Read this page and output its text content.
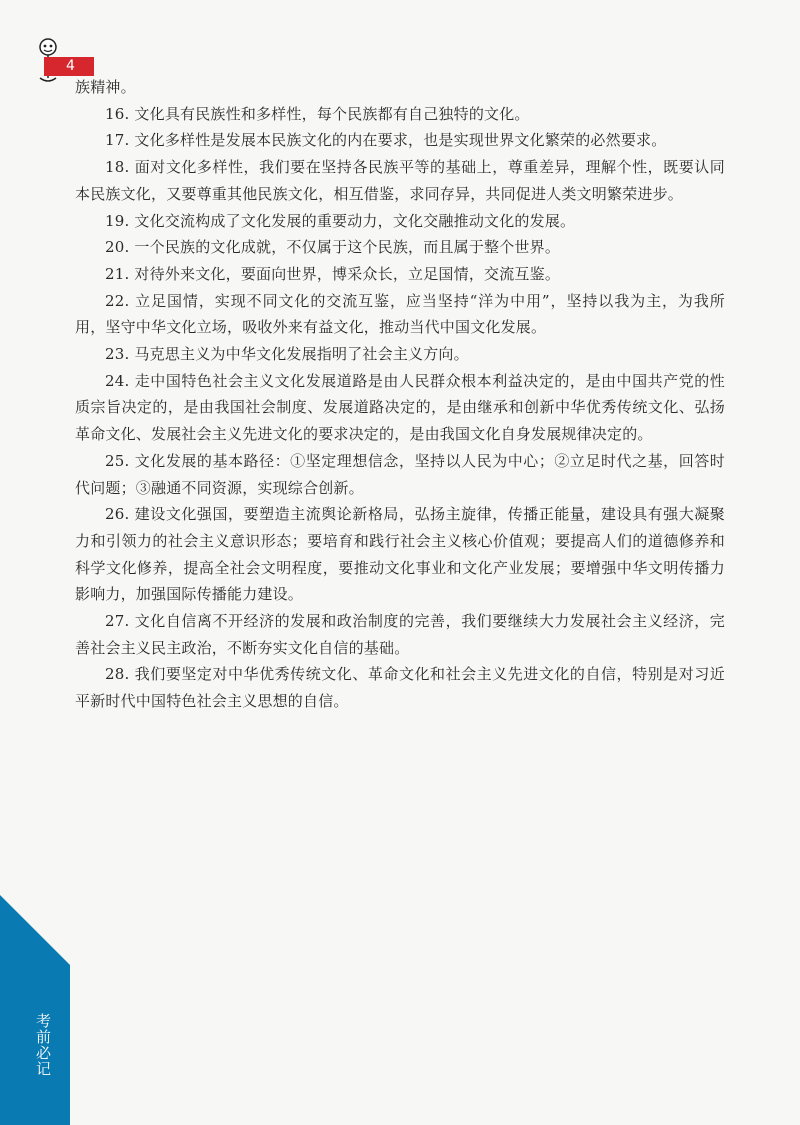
4

族精神。

16. 文化具有民族性和多样性，每个民族都有自己独特的文化。

17. 文化多样性是发展本民族文化的内在要求，也是实现世界文化繁荣的必然要求。

18. 面对文化多样性，我们要在坚持各民族平等的基础上，尊重差异，理解个性，既要认同本民族文化，又要尊重其他民族文化，相互借鉴，求同存异，共同促进人类文明繁荣进步。

19. 文化交流构成了文化发展的重要动力，文化交融推动文化的发展。

20. 一个民族的文化成就，不仅属于这个民族，而且属于整个世界。

21. 对待外来文化，要面向世界，博采众长，立足国情，交流互鉴。

22. 立足国情，实现不同文化的交流互鉴，应当坚持“洋为中用”，坚持以我为主，为我所用，坚守中华文化立场，吸收外来有益文化，推动当代中国文化发展。

23. 马克思主义为中华文化发展指明了社会主义方向。

24. 走中国特色社会主义文化发展道路是由人民群众根本利益决定的，是由中国共产党的性质宗旨决定的，是由我国社会制度、发展道路决定的，是由继承和创新中华优秀传统文化、弘扬革命文化、发展社会主义先进文化的要求决定的，是由我国文化自身发展规律决定的。

25. 文化发展的基本路径：①坚定理想信念，坚持以人民为中心；②立足时代之基，回答时代问题；③融通不同资源，实现综合创新。

26. 建设文化强国，要塑造主流舆论新格局，弘扬主旋律，传播正能量，建设具有强大凝聚力和引领力的社会主义意识形态；要培育和践行社会主义核心价值观；要提高人们的道德修养和科学文化修养，提高全社会文明程度，要推动文化事业和文化产业发展；要增强中华文明传播力影响力，加强国际传播能力建设。

27. 文化自信离不开经济的发展和政治制度的完善，我们要继续大力发展社会主义经济，完善社会主义民主政治，不断夯实文化自信的基础。

28. 我们要坚定对中华优秀传统文化、革命文化和社会主义先进文化的自信，特别是对习近平新时代中国特色社会主义思想的自信。

考前必记
